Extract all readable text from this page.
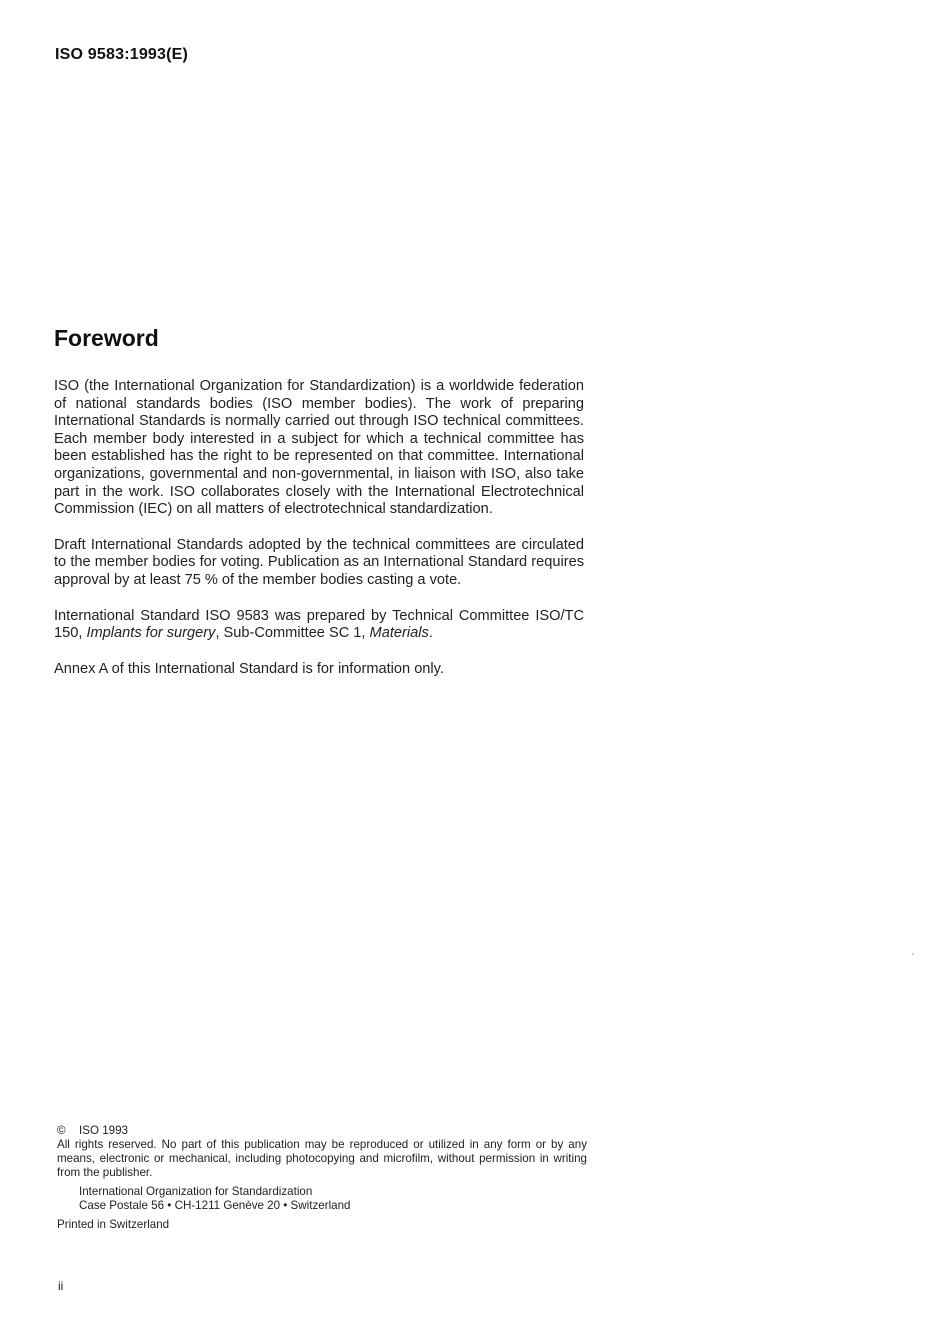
ISO 9583:1993(E)
Foreword

ISO (the International Organization for Standardization) is a worldwide federation of national standards bodies (ISO member bodies). The work of preparing International Standards is normally carried out through ISO technical committees. Each member body interested in a subject for which a technical committee has been established has the right to be represented on that committee. International organizations, governmental and non-governmental, in liaison with ISO, also take part in the work. ISO collaborates closely with the International Electrotechnical Commission (IEC) on all matters of electrotechnical standardization.

Draft International Standards adopted by the technical committees are circulated to the member bodies for voting. Publication as an International Standard requires approval by at least 75 % of the member bodies casting a vote.

International Standard ISO 9583 was prepared by Technical Committee ISO/TC 150, Implants for surgery, Sub-Committee SC 1, Materials.

Annex A of this International Standard is for information only.

© ISO 1993

All rights reserved. No part of this publication may be reproduced or utilized in any form or by any means, electronic or mechanical, including photocopying and microfilm, without permission in writing from the publisher.

International Organization for Standardization

Case Postale 56 • CH-1211 Genève 20 • Switzerland

Printed in Switzerland

ii
